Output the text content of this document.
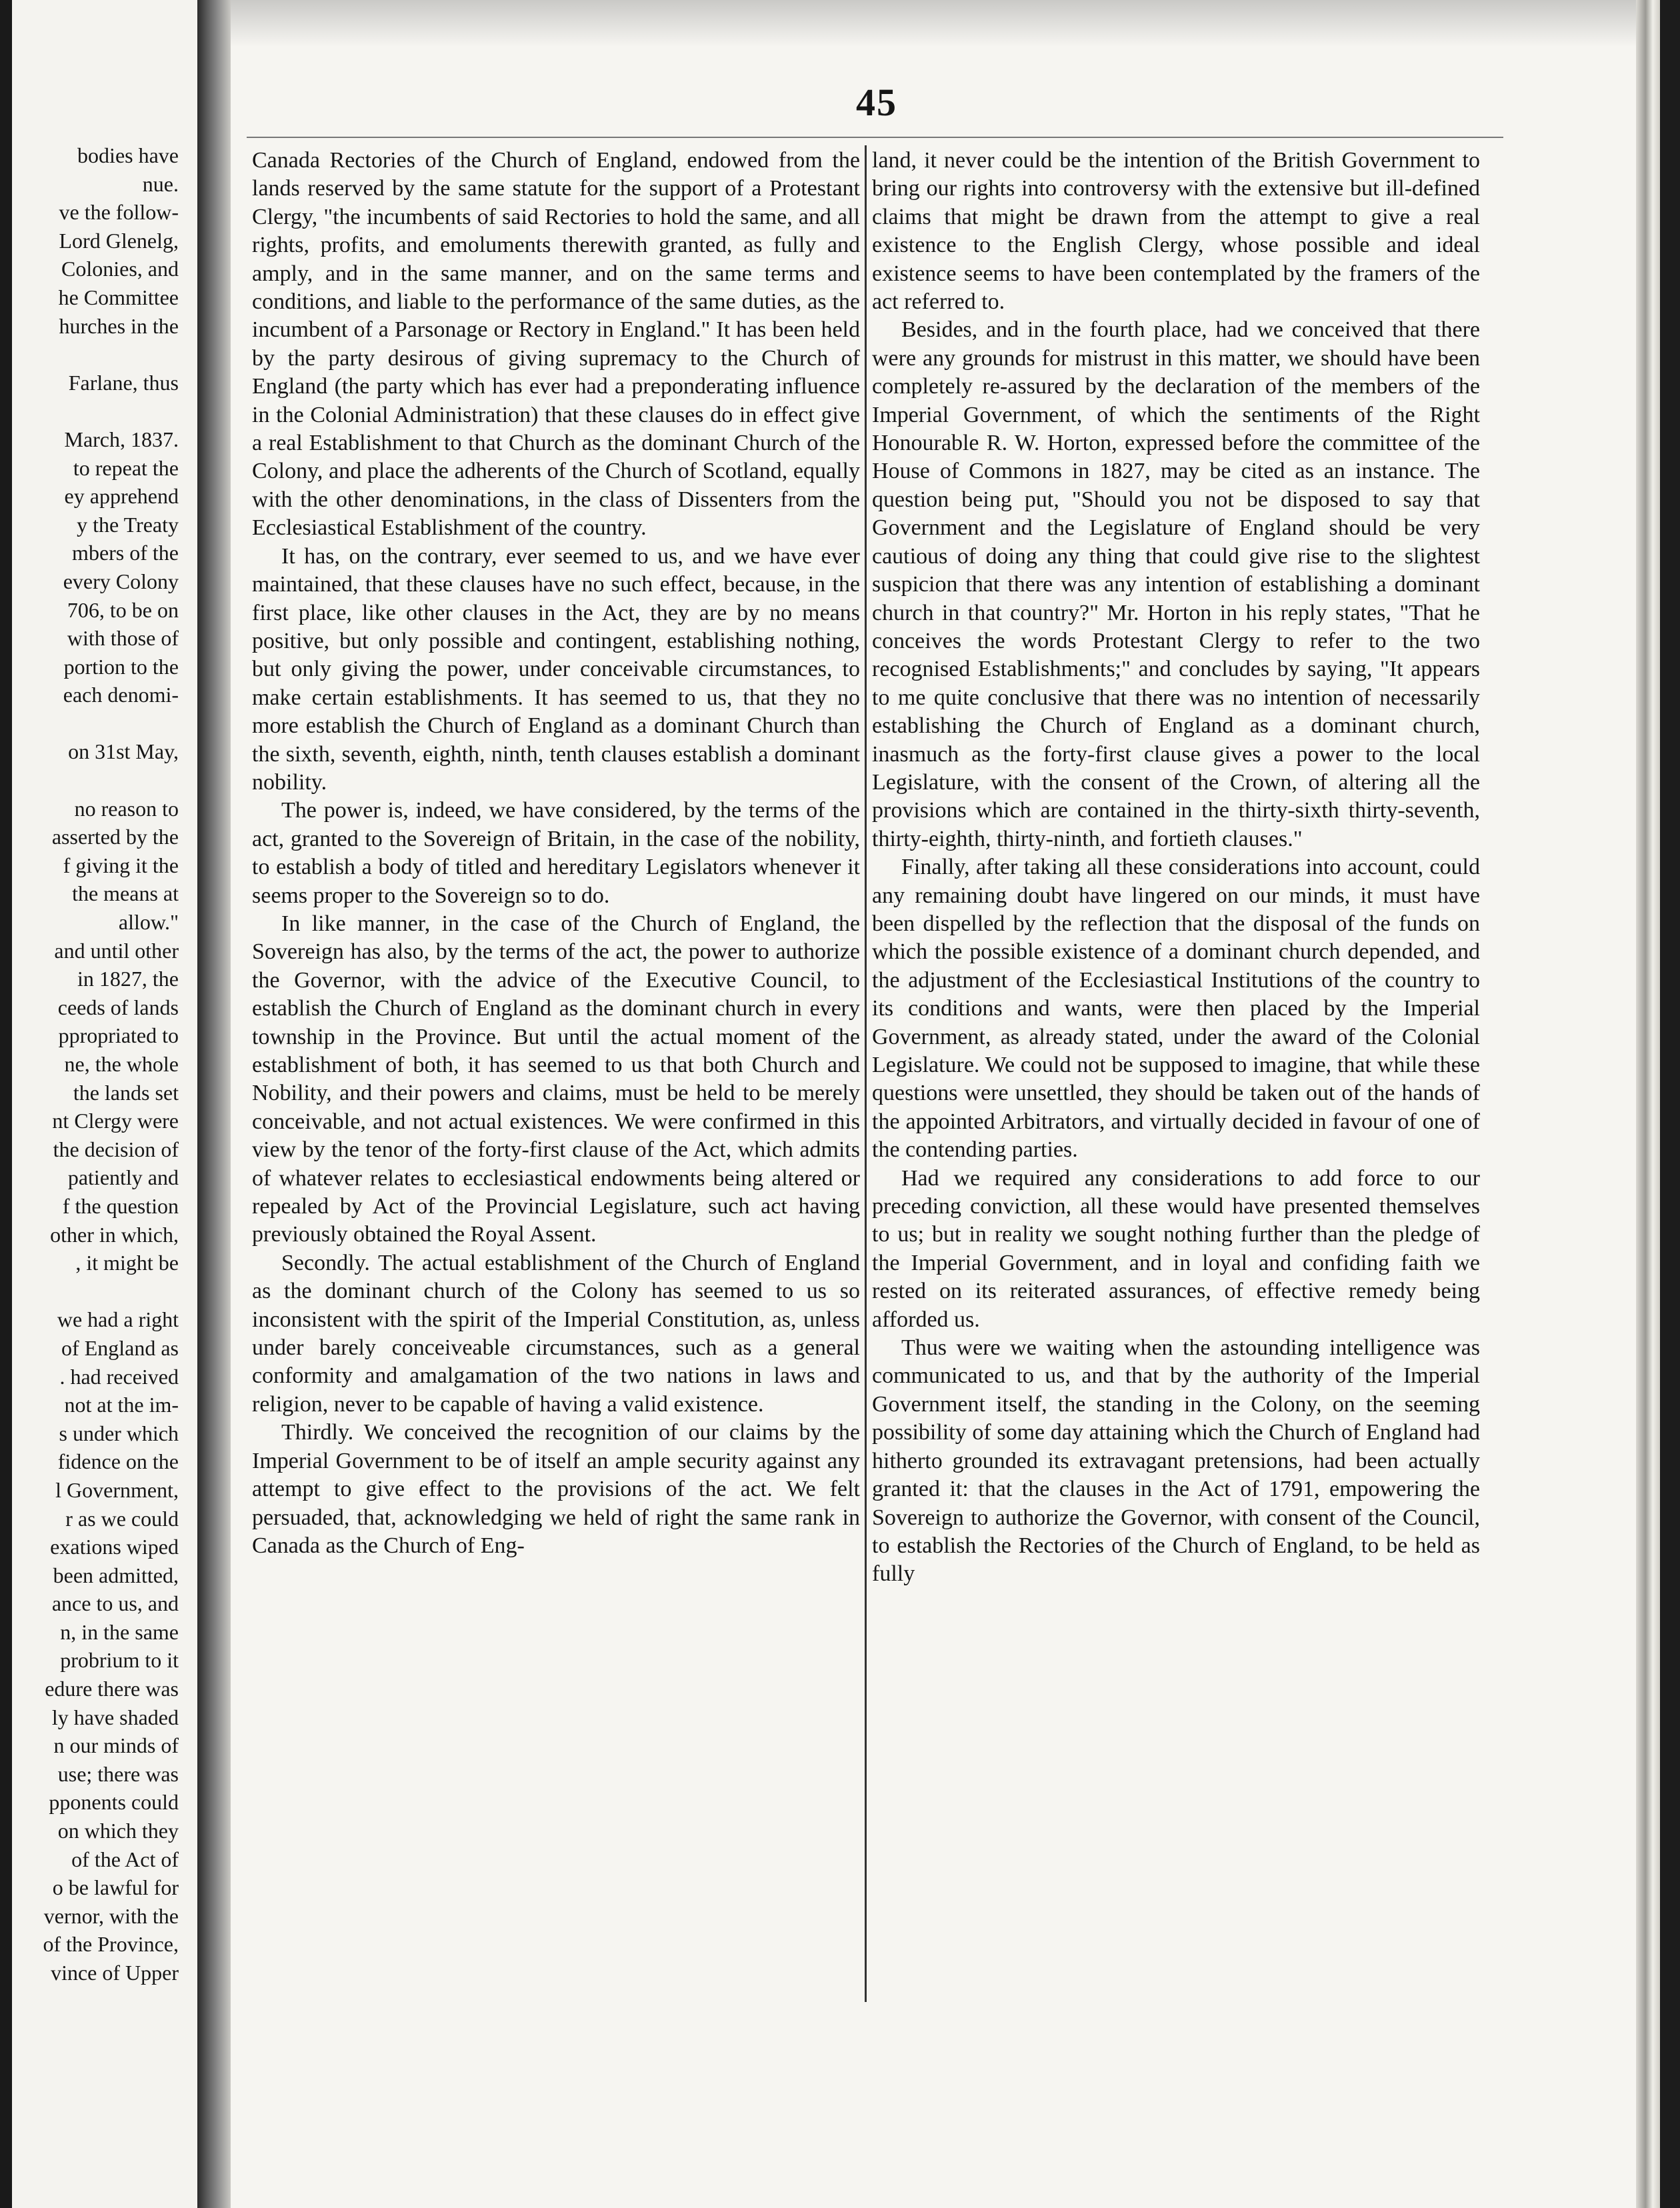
bodies have
nue.
ve the follow-
Lord Glenelg,
Colonies, and
he Committee
hurches in the
Farlane, thus
March, 1837.
to repeat the
ey apprehend
y the Treaty
mbers of the
every Colony
706, to be on
with those of
portion to the
each denomi-
on 31st May,
no reason to
asserted by the
f giving it the
the means at
allow."
and until other
in 1827, the
ceeds of lands
ppropriated to
ne, the whole
the lands set
nt Clergy were
the decision of
patiently and
f the question
other in which,
, it might be
we had a right
of England as
. had received
not at the im-
s under which
fidence on the
l Government,
r as we could
exations wiped
been admitted,
ance to us, and
n, in the same
probrium to it
edure there was
ly have shaded
n our minds of
use; there was
pponents could
on which they
of the Act of
o be lawful for
vernor, with the
of the Province,
vince of Upper
45

Canada Rectories of the Church of England, endowed from the lands reserved by the same statute for the support of a Protestant Clergy, "the incumbents of said Rectories to hold the same, and all rights, profits, and emoluments therewith granted, as fully and amply, and in the same manner, and on the same terms and conditions, and liable to the performance of the same duties, as the incumbent of a Parsonage or Rectory in England." It has been held by the party desirous of giving supremacy to the Church of England (the party which has ever had a preponderating influence in the Colonial Administration) that these clauses do in effect give a real Establishment to that Church as the dominant Church of the Colony, and place the adherents of the Church of Scotland, equally with the other denominations, in the class of Dissenters from the Ecclesiastical Establishment of the country.

It has, on the contrary, ever seemed to us, and we have ever maintained, that these clauses have no such effect, because, in the first place, like other clauses in the Act, they are by no means positive, but only possible and contingent, establishing nothing, but only giving the power, under conceivable circumstances, to make certain establishments. It has seemed to us, that they no more establish the Church of England as a dominant Church than the sixth, seventh, eighth, ninth, tenth clauses establish a dominant nobility.

The power is, indeed, we have considered, by the terms of the act, granted to the Sovereign of Britain, in the case of the nobility, to establish a body of titled and hereditary Legislators whenever it seems proper to the Sovereign so to do.

In like manner, in the case of the Church of England, the Sovereign has also, by the terms of the act, the power to authorize the Governor, with the advice of the Executive Council, to establish the Church of England as the dominant church in every township in the Province. But until the actual moment of the establishment of both, it has seemed to us that both Church and Nobility, and their powers and claims, must be held to be merely conceivable, and not actual existences. We were confirmed in this view by the tenor of the forty-first clause of the Act, which admits of whatever relates to ecclesiastical endowments being altered or repealed by Act of the Provincial Legislature, such act having previously obtained the Royal Assent.

Secondly. The actual establishment of the Church of England as the dominant church of the Colony has seemed to us so inconsistent with the spirit of the Imperial Constitution, as, unless under barely conceiveable circumstances, such as a general conformity and amalgamation of the two nations in laws and religion, never to be capable of having a valid existence.

Thirdly. We conceived the recognition of our claims by the Imperial Government to be of itself an ample security against any attempt to give effect to the provisions of the act. We felt persuaded, that, acknowledging we held of right the same rank in Canada as the Church of Eng-

land, it never could be the intention of the British Government to bring our rights into controversy with the extensive but ill-defined claims that might be drawn from the attempt to give a real existence to the English Clergy, whose possible and ideal existence seems to have been contemplated by the framers of the act referred to.

Besides, and in the fourth place, had we conceived that there were any grounds for mistrust in this matter, we should have been completely re-assured by the declaration of the members of the Imperial Government, of which the sentiments of the Right Honourable R. W. Horton, expressed before the committee of the House of Commons in 1827, may be cited as an instance. The question being put, "Should you not be disposed to say that Government and the Legislature of England should be very cautious of doing any thing that could give rise to the slightest suspicion that there was any intention of establishing a dominant church in that country?" Mr. Horton in his reply states, "That he conceives the words Protestant Clergy to refer to the two recognised Establishments;" and concludes by saying, "It appears to me quite conclusive that there was no intention of necessarily establishing the Church of England as a dominant church, inasmuch as the forty-first clause gives a power to the local Legislature, with the consent of the Crown, of altering all the provisions which are contained in the thirty-sixth thirty-seventh, thirty-eighth, thirty-ninth, and fortieth clauses."

Finally, after taking all these considerations into account, could any remaining doubt have lingered on our minds, it must have been dispelled by the reflection that the disposal of the funds on which the possible existence of a dominant church depended, and the adjustment of the Ecclesiastical Institutions of the country to its conditions and wants, were then placed by the Imperial Government, as already stated, under the award of the Colonial Legislature. We could not be supposed to imagine, that while these questions were unsettled, they should be taken out of the hands of the appointed Arbitrators, and virtually decided in favour of one of the contending parties.

Had we required any considerations to add force to our preceding conviction, all these would have presented themselves to us; but in reality we sought nothing further than the pledge of the Imperial Government, and in loyal and confiding faith we rested on its reiterated assurances, of effective remedy being afforded us.

Thus were we waiting when the astounding intelligence was communicated to us, and that by the authority of the Imperial Government itself, the standing in the Colony, on the seeming possibility of some day attaining which the Church of England had hitherto grounded its extravagant pretensions, had been actually granted it: that the clauses in the Act of 1791, empowering the Sovereign to authorize the Governor, with consent of the Council, to establish the Rectories of the Church of England, to be held as fully
